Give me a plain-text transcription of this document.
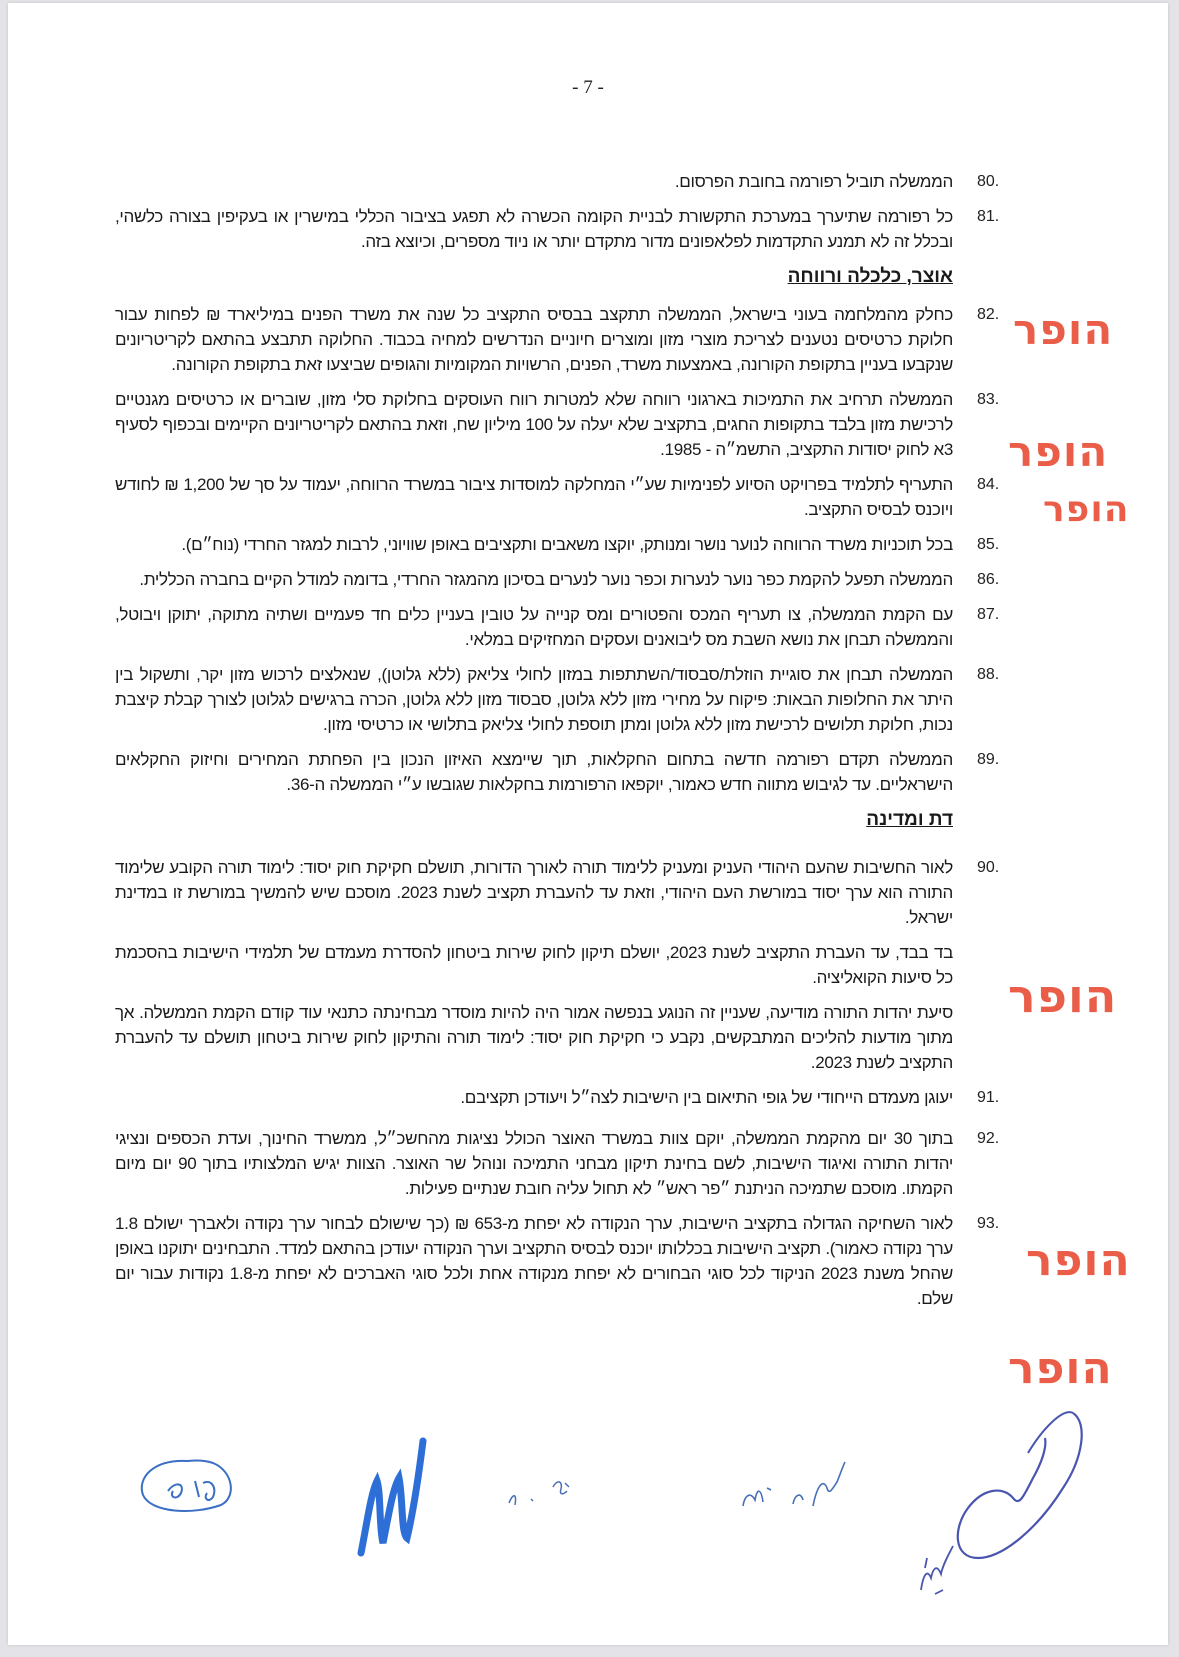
- 7 -
80.
הממשלה תוביל רפורמה בחובת הפרסום.
81.
כל רפורמה שתיערך במערכת התקשורת לבניית הקומה הכשרה לא תפגע בציבור הכללי במישרין או בעקיפין בצורה כלשהי, ובכלל זה לא תמנע התקדמות לפלאפונים מדור מתקדם יותר או ניוד מספרים, וכיוצא בזה.
אוצר, כלכלה ורווחה
82.
כחלק מהמלחמה בעוני בישראל, הממשלה תתקצב בבסיס התקציב כל שנה את משרד הפנים במיליארד ₪ לפחות עבור חלוקת כרטיסים נטענים לצריכת מוצרי מזון ומוצרים חיוניים הנדרשים למחיה בכבוד. החלוקה תתבצע בהתאם לקריטריונים שנקבעו בעניין בתקופת הקורונה, באמצעות משרד, הפנים, הרשויות המקומיות והגופים שביצעו זאת בתקופת הקורונה.
83.
הממשלה תרחיב את התמיכות בארגוני רווחה שלא למטרות רווח העוסקים בחלוקת סלי מזון, שוברים או כרטיסים מגנטיים לרכישת מזון בלבד בתקופות החגים, בתקציב שלא יעלה על 100 מיליון שח, וזאת בהתאם לקריטריונים הקיימים ובכפוף לסעיף 3א לחוק יסודות התקציב, התשמ״ה - 1985.
84.
התעריף לתלמיד בפרויקט הסיוע לפנימיות שע״י המחלקה למוסדות ציבור במשרד הרווחה, יעמוד על סך של 1,200 ₪ לחודש ויוכנס לבסיס התקציב.
85.
בכל תוכניות משרד הרווחה לנוער נושר ומנותק, יוקצו משאבים ותקציבים באופן שוויוני, לרבות למגזר החרדי (נוח״ם).
86.
הממשלה תפעל להקמת כפר נוער לנערות וכפר נוער לנערים בסיכון מהמגזר החרדי, בדומה למודל הקיים בחברה הכללית.
87.
עם הקמת הממשלה, צו תעריף המכס והפטורים ומס קנייה על טובין בעניין כלים חד פעמיים ושתיה מתוקה, יתוקן ויבוטל, והממשלה תבחן את נושא השבת מס ליבואנים ועסקים המחזיקים במלאי.
88.
הממשלה תבחן את סוגיית הוזלת/סבסוד/השתתפות במזון לחולי צליאק (ללא גלוטן), שנאלצים לרכוש מזון יקר, ותשקול בין היתר את החלופות הבאות: פיקוח על מחירי מזון ללא גלוטן, סבסוד מזון ללא גלוטן, הכרה ברגישים לגלוטן לצורך קבלת קיצבת נכות, חלוקת תלושים לרכישת מזון ללא גלוטן ומתן תוספת לחולי צליאק בתלושי או כרטיסי מזון.
89.
הממשלה תקדם רפורמה חדשה בתחום החקלאות, תוך שיימצא האיזון הנכון בין הפחתת המחירים וחיזוק החקלאים הישראליים. עד לגיבוש מתווה חדש כאמור, יוקפאו הרפורמות בחקלאות שגובשו ע״י הממשלה ה-36.
דת ומדינה
90.
לאור החשיבות שהעם היהודי העניק ומעניק ללימוד תורה לאורך הדורות, תושלם חקיקת חוק יסוד: לימוד תורה הקובע שלימוד התורה הוא ערך יסוד במורשת העם היהודי, וזאת עד להעברת תקציב לשנת 2023. מוסכם שיש להמשיך במורשת זו במדינת ישראל.
בד בבד, עד העברת התקציב לשנת 2023, יושלם תיקון לחוק שירות ביטחון להסדרת מעמדם של תלמידי הישיבות בהסכמת כל סיעות הקואליציה.
סיעת יהדות התורה מודיעה, שעניין זה הנוגע בנפשה אמור היה להיות מוסדר מבחינתה כתנאי עוד קודם הקמת הממשלה. אך מתוך מודעות להליכים המתבקשים, נקבע כי חקיקת חוק יסוד: לימוד תורה והתיקון לחוק שירות ביטחון תושלם עד להעברת התקציב לשנת 2023.
91.
יעוגן מעמדם הייחודי של גופי התיאום בין הישיבות לצה״ל ויעודכן תקציבם.
92.
בתוך 30 יום מהקמת הממשלה, יוקם צוות במשרד האוצר הכולל נציגות מהחשכ״ל, ממשרד החינוך, ועדת הכספים ונציגי יהדות התורה ואיגוד הישיבות, לשם בחינת תיקון מבחני התמיכה ונוהל שר האוצר. הצוות יגיש המלצותיו בתוך 90 יום מיום הקמתו. מוסכם שתמיכה הניתנת ״פר ראש״ לא תחול עליה חובת שנתיים פעילות.
93.
לאור השחיקה הגדולה בתקציב הישיבות, ערך הנקודה לא יפחת מ-653 ₪ (כך שישולם לבחור ערך נקודה ולאברך ישולם 1.8 ערך נקודה כאמור). תקציב הישיבות בכללותו יוכנס לבסיס התקציב וערך הנקודה יעודכן בהתאם למדד. התבחינים יתוקנו באופן שהחל משנת 2023 הניקוד לכל סוגי הבחורים לא יפחת מנקודה אחת ולכל סוגי האברכים לא יפחת מ-1.8 נקודות עבור יום שלם.
הופר
הופר
הופר
הופר
הופר
הופר
